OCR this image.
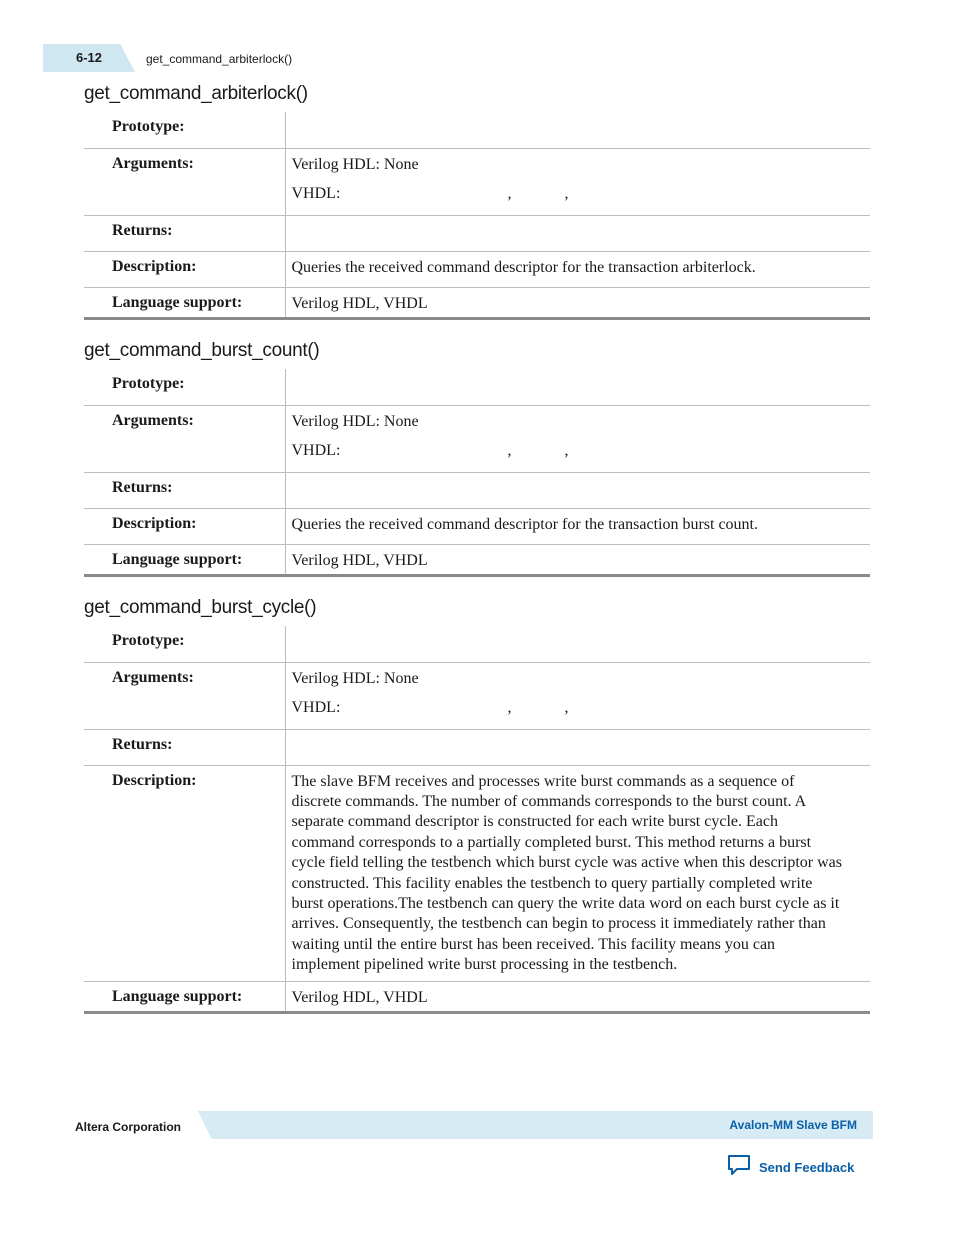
6-12	get_command_arbiterlock()
get_command_arbiterlock()
Prototype:	
Arguments:	Verilog HDL: None
VHDL: , ,

Returns:	
Description:	Queries the received command descriptor for the transaction arbiterlock.
Language support:	Verilog HDL, VHDL
get_command_burst_count()
Prototype:	
Arguments:	Verilog HDL: None
VHDL: , ,

Returns:	
Description:	Queries the received command descriptor for the transaction burst count.
Language support:	Verilog HDL, VHDL
get_command_burst_cycle()
Prototype:	
Arguments:	Verilog HDL: None
VHDL: , ,

Returns:	
Description:	The slave BFM receives and processes write burst commands as a sequence of discrete commands. The number of commands corresponds to the burst count. A separate command descriptor is constructed for each write burst cycle. Each command corresponds to a partially completed burst. This method returns a burst cycle field telling the testbench which burst cycle was active when this descriptor was constructed. This facility enables the testbench to query partially completed write burst operations.The testbench can query the write data word on each burst cycle as it arrives. Consequently, the testbench can begin to process it immediately rather than waiting until the entire burst has been received. This facility means you can implement pipelined write burst processing in the testbench.
Language support:	Verilog HDL, VHDL
Altera Corporation	Avalon-MM Slave BFM
Send Feedback
